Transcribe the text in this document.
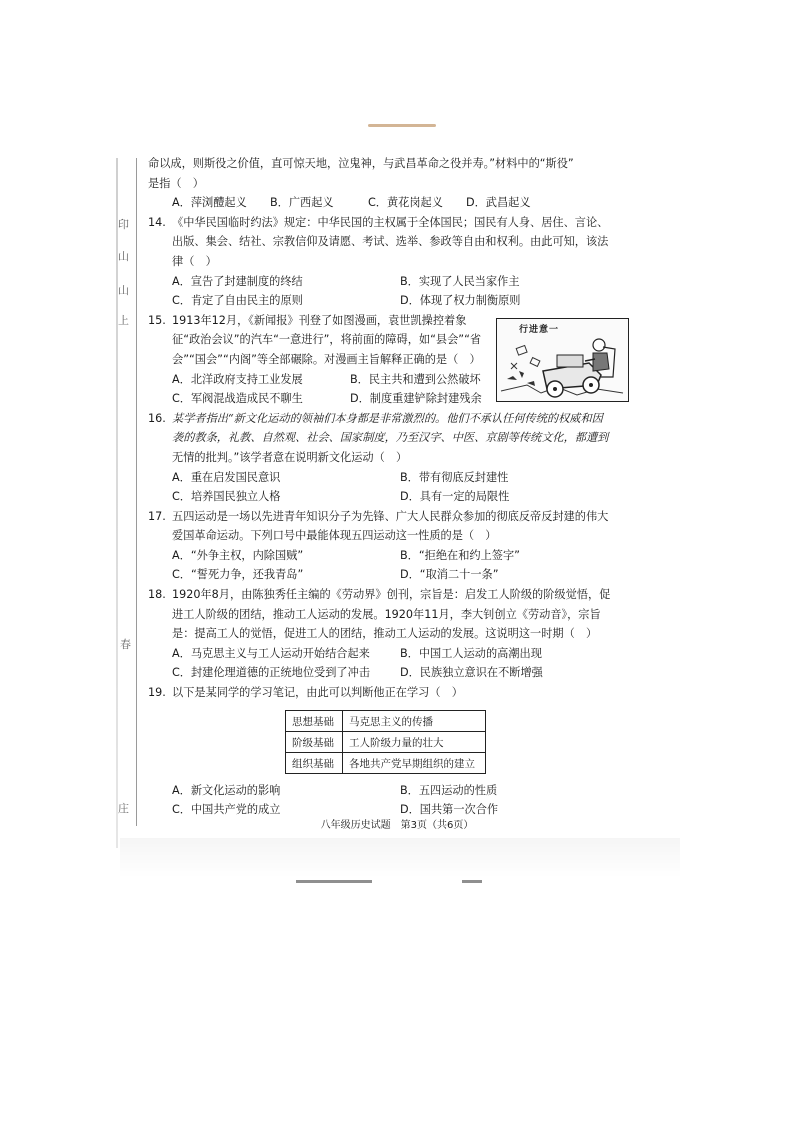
印
山
山
上
春
庄
命以成，则斯役之价值，直可惊天地，泣鬼神，与武昌革命之役并寿。”材料中的“斯役”
是指（　）
A．萍浏醴起义	B．广西起义	C．黄花岗起义	D．武昌起义
14. 《中华民国临时约法》规定：中华民国的主权属于全体国民；国民有人身、居住、言论、
出版、集会、结社、宗教信仰及请愿、考试、选举、参政等自由和权利。由此可知，该法
律（　）
A．宣告了封建制度的终结	B．实现了人民当家作主
C．肯定了自由民主的原则	D．体现了权力制衡原则
15. 1913年12月，《新闻报》刊登了如图漫画，袁世凯操控着象
征“政治会议”的汽车“一意进行”，将前面的障碍，如“县会”“省
会”“国会”“内阁”等全部碾除。对漫画主旨解释正确的是（　）
A．北洋政府支持工业发展	B．民主共和遭到公然破坏
C．军阀混战造成民不聊生	D．制度重建铲除封建残余
16. 某学者指出“新文化运动的领袖们本身都是非常激烈的。他们不承认任何传统的权威和因
袭的教条，礼教、自然观、社会、国家制度，乃至汉字、中医、京剧等传统文化，都遭到
无情的批判。”该学者意在说明新文化运动（　）
A．重在启发国民意识	B．带有彻底反封建性
C．培养国民独立人格	D．具有一定的局限性
17. 五四运动是一场以先进青年知识分子为先锋、广大人民群众参加的彻底反帝反封建的伟大
爱国革命运动。下列口号中最能体现五四运动这一性质的是（　）
A．“外争主权，内除国贼”	B．“拒绝在和约上签字”
C．“誓死力争，还我青岛”	D．“取消二十一条”
18. 1920年8月，由陈独秀任主编的《劳动界》创刊，宗旨是：启发工人阶级的阶级觉悟，促
进工人阶级的团结，推动工人运动的发展。1920年11月，李大钊创立《劳动音》，宗旨
是：提高工人的觉悟，促进工人的团结，推动工人运动的发展。这说明这一时期（　）
A．马克思主义与工人运动开始结合起来	B．中国工人运动的高潮出现
C．封建伦理道德的正统地位受到了冲击	D．民族独立意识在不断增强
19. 以下是某同学的学习笔记，由此可以判断他正在学习（　）
A．新文化运动的影响	B．五四运动的性质
C．中国共产党的成立	D．国共第一次合作
行进意一
思想基础	马克思主义的传播
阶级基础	工人阶级力量的壮大
组织基础	各地共产党早期组织的建立
八年级历史试题　第3页（共6页）
